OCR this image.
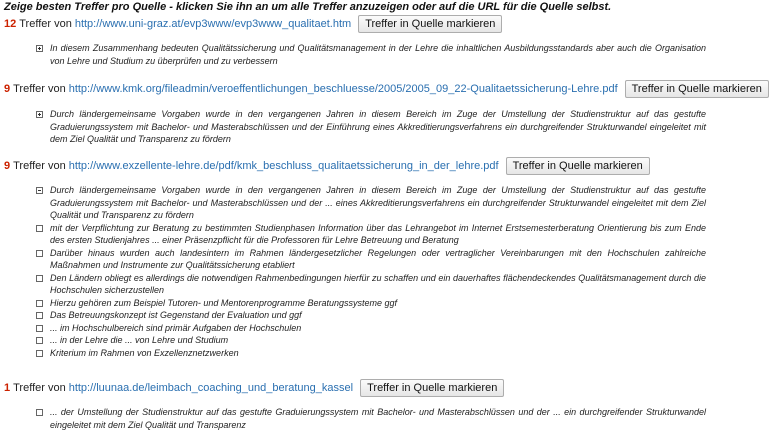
Zeige besten Treffer pro Quelle - klicken Sie ihn an um alle Treffer anzuzeigen oder auf die URL für die Quelle selbst.
12 Treffer von http://www.uni-graz.at/evp3www/evp3www_qualitaet.htm	Treffer in Quelle markieren
In diesem Zusammenhang bedeuten Qualitätssicherung und Qualitätsmanagement in der Lehre die inhaltlichen Ausbildungsstandards aber auch die Organisation von Lehre und Studium zu überprüfen und zu verbessern
9 Treffer von http://www.kmk.org/fileadmin/veroeffentlichungen_beschluesse/2005/2005_09_22-Qualitaetssicherung-Lehre.pdf	Treffer in Quelle markieren
Durch ländergemeinsame Vorgaben wurde in den vergangenen Jahren in diesem Bereich im Zuge der Umstellung der Studienstruktur auf das gestufte Graduierungssystem mit Bachelor- und Masterabschlüssen und der Einführung eines Akkreditierungsverfahrens ein durchgreifender Strukturwandel eingeleitet mit dem Ziel Qualität und Transparenz zu fördern
9 Treffer von http://www.exzellente-lehre.de/pdf/kmk_beschluss_qualitaetssicherung_in_der_lehre.pdf	Treffer in Quelle markieren
Durch ländergemeinsame Vorgaben wurde in den vergangenen Jahren in diesem Bereich im Zuge der Umstellung der Studienstruktur auf das gestufte Graduierungssystem mit Bachelor- und Masterabschlüssen und der ... eines Akkreditierungsverfahrens ein durchgreifender Strukturwandel eingeleitet mit dem Ziel Qualität und Transparenz zu fördern
mit der Verpflichtung zur Beratung zu bestimmten Studienphasen Information über das Lehrangebot im Internet Erstsemesterberatung Orientierung bis zum Ende des ersten Studienjahres ... einer Präsenzpflicht für die Professoren für Lehre Betreuung und Beratung
Darüber hinaus wurden auch landesintern im Rahmen ländergesetzlicher Regelungen oder vertraglicher Vereinbarungen mit den Hochschulen zahlreiche Maßnahmen und Instrumente zur Qualitätssicherung etabliert
Den Ländern obliegt es allerdings die notwendigen Rahmenbedingungen hierfür zu schaffen und ein dauerhaftes flächendeckendes Qualitätsmanagement durch die Hochschulen sicherzustellen
Hierzu gehören zum Beispiel Tutoren- und Mentorenprogramme Beratungssysteme ggf
Das Betreuungskonzept ist Gegenstand der Evaluation und ggf
... im Hochschulbereich sind primär Aufgaben der Hochschulen
... in der Lehre die ... von Lehre und Studium
Kriterium im Rahmen von Exzellenznetzwerken
1 Treffer von http://luunaa.de/leimbach_coaching_und_beratung_kassel	Treffer in Quelle markieren
... der Umstellung der Studienstruktur auf das gestufte Graduierungssystem mit Bachelor- und Masterabschlüssen und der ... ein durchgreifender Strukturwandel eingeleitet mit dem Ziel Qualität und Transparenz
